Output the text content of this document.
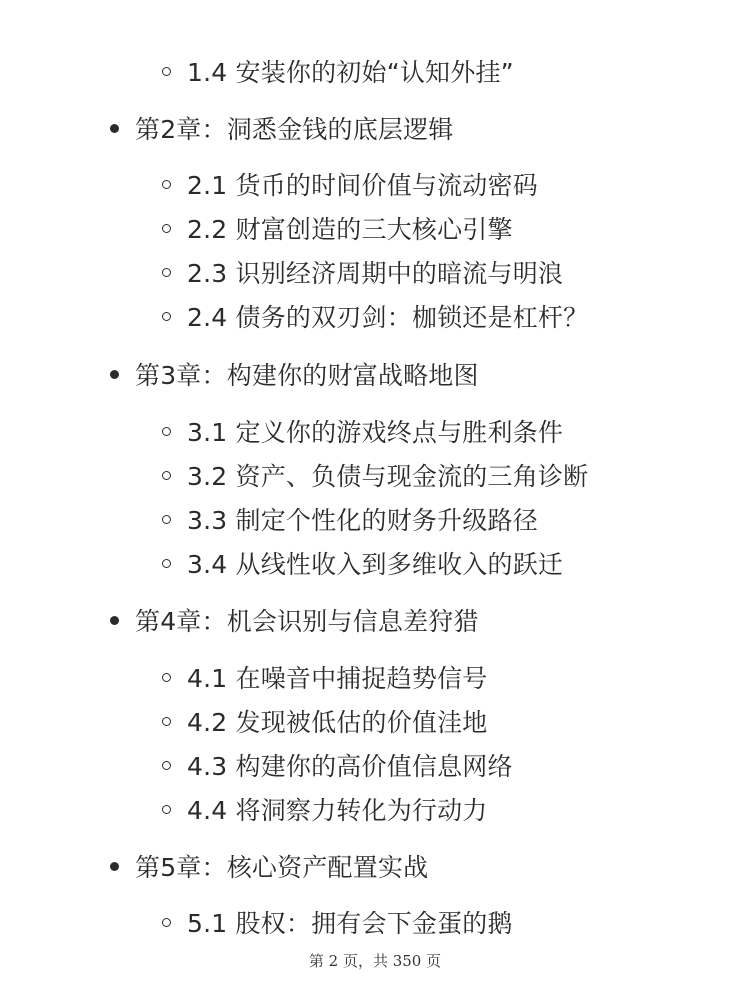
1.4 安装你的初始“认知外挂”
第2章：洞悉金钱的底层逻辑
2.1 货币的时间价值与流动密码
2.2 财富创造的三大核心引擎
2.3 识别经济周期中的暗流与明浪
2.4 债务的双刃剑：枷锁还是杠杆？
第3章：构建你的财富战略地图
3.1 定义你的游戏终点与胜利条件
3.2 资产、负债与现金流的三角诊断
3.3 制定个性化的财务升级路径
3.4 从线性收入到多维收入的跃迁
第4章：机会识别与信息差狩猎
4.1 在噪音中捕捉趋势信号
4.2 发现被低估的价值洼地
4.3 构建你的高价值信息网络
4.4 将洞察力转化为行动力
第5章：核心资产配置实战
5.1 股权：拥有会下金蛋的鹅
第 2 页，共 350 页
